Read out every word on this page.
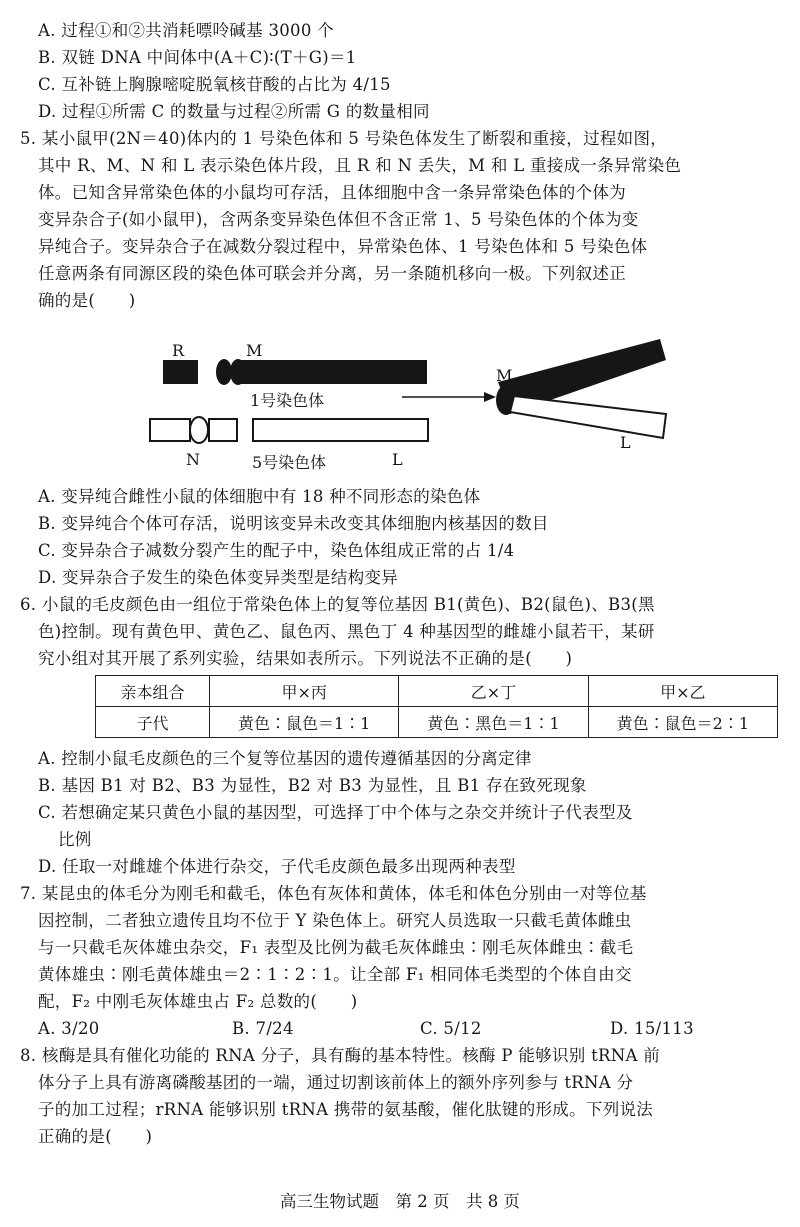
A. 过程①和②共消耗嘌呤碱基 3000 个
B. 双链 DNA 中间体中(A＋C)∶(T＋G)＝1
C. 互补链上胸腺嘧啶脱氧核苷酸的占比为 4/15
D. 过程①所需 C 的数量与过程②所需 G 的数量相同
5. 某小鼠甲(2N＝40)体内的 1 号染色体和 5 号染色体发生了断裂和重接，过程如图，
其中 R、M、N 和 L 表示染色体片段，且 R 和 N 丢失，M 和 L 重接成一条异常染色
体。已知含异常染色体的小鼠均可存活，且体细胞中含一条异常染色体的个体为
变异杂合子(如小鼠甲)，含两条变异染色体但不含正常 1、5 号染色体的个体为变
异纯合子。变异杂合子在减数分裂过程中，异常染色体、1 号染色体和 5 号染色体
任意两条有同源区段的染色体可联会并分离，另一条随机移向一极。下列叙述正
确的是(　　)
R	M
1号染色体
N	5号染色体	L
M
L
A. 变异纯合雌性小鼠的体细胞中有 18 种不同形态的染色体
B. 变异纯合个体可存活，说明该变异未改变其体细胞内核基因的数目
C. 变异杂合子减数分裂产生的配子中，染色体组成正常的占 1/4
D. 变异杂合子发生的染色体变异类型是结构变异
6. 小鼠的毛皮颜色由一组位于常染色体上的复等位基因 B1(黄色)、B2(鼠色)、B3(黑
色)控制。现有黄色甲、黄色乙、鼠色丙、黑色丁 4 种基因型的雌雄小鼠若干，某研
究小组对其开展了系列实验，结果如表所示。下列说法不正确的是(　　)
亲本组合	甲×丙	乙×丁	甲×乙
子代	黄色∶鼠色＝1∶1	黄色∶黑色＝1∶1	黄色∶鼠色＝2∶1
A. 控制小鼠毛皮颜色的三个复等位基因的遗传遵循基因的分离定律
B. 基因 B1 对 B2、B3 为显性，B2 对 B3 为显性，且 B1 存在致死现象
C. 若想确定某只黄色小鼠的基因型，可选择丁中个体与之杂交并统计子代表型及
比例
D. 任取一对雌雄个体进行杂交，子代毛皮颜色最多出现两种表型
7. 某昆虫的体毛分为刚毛和截毛，体色有灰体和黄体，体毛和体色分别由一对等位基
因控制，二者独立遗传且均不位于 Y 染色体上。研究人员选取一只截毛黄体雌虫
与一只截毛灰体雄虫杂交，F₁ 表型及比例为截毛灰体雌虫∶刚毛灰体雌虫∶截毛
黄体雄虫∶刚毛黄体雄虫＝2∶1∶2∶1。让全部 F₁ 相同体毛类型的个体自由交
配，F₂ 中刚毛灰体雄虫占 F₂ 总数的(　　)
A. 3/20	B. 7/24	C. 5/12	D. 15/113
8. 核酶是具有催化功能的 RNA 分子，具有酶的基本特性。核酶 P 能够识别 tRNA 前
体分子上具有游离磷酸基团的一端，通过切割该前体上的额外序列参与 tRNA 分
子的加工过程；rRNA 能够识别 tRNA 携带的氨基酸，催化肽键的形成。下列说法
正确的是(　　)
高三生物试题　第 2 页　共 8 页
